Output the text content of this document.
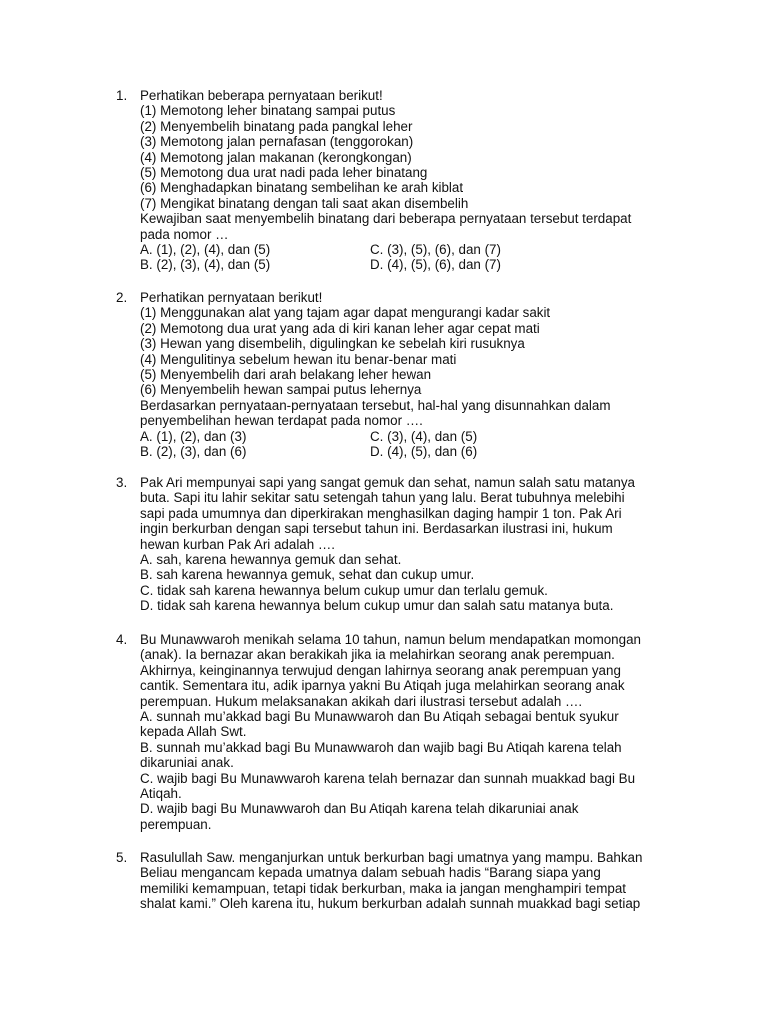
1. Perhatikan beberapa pernyataan berikut!
(1) Memotong leher binatang sampai putus
(2) Menyembelih binatang pada pangkal leher
(3) Memotong jalan pernafasan (tenggorokan)
(4) Memotong jalan makanan (kerongkongan)
(5) Memotong dua urat nadi pada leher binatang
(6) Menghadapkan binatang sembelihan ke arah kiblat
(7) Mengikat binatang dengan tali saat akan disembelih
Kewajiban saat menyembelih binatang dari beberapa pernyataan tersebut terdapat
pada nomor …
A. (1), (2), (4), dan (5)	C. (3), (5), (6), dan (7)
B. (2), (3), (4), dan (5)	D. (4), (5), (6), dan (7)
2. Perhatikan pernyataan berikut!
(1) Menggunakan alat yang tajam agar dapat mengurangi kadar sakit
(2) Memotong dua urat yang ada di kiri kanan leher agar cepat mati
(3) Hewan yang disembelih, digulingkan ke sebelah kiri rusuknya
(4) Mengulitinya sebelum hewan itu benar-benar mati
(5) Menyembelih dari arah belakang leher hewan
(6) Menyembelih hewan sampai putus lehernya
Berdasarkan pernyataan-pernyataan tersebut, hal-hal yang disunnahkan dalam
penyembelihan hewan terdapat pada nomor ….
A. (1), (2), dan (3)	C. (3), (4), dan (5)
B. (2), (3), dan (6)	D. (4), (5), dan (6)
3. Pak Ari mempunyai sapi yang sangat gemuk dan sehat, namun salah satu matanya
buta. Sapi itu lahir sekitar satu setengah tahun yang lalu. Berat tubuhnya melebihi
sapi pada umumnya dan diperkirakan menghasilkan daging hampir 1 ton. Pak Ari
ingin berkurban dengan sapi tersebut tahun ini. Berdasarkan ilustrasi ini, hukum
hewan kurban Pak Ari adalah ….
A. sah, karena hewannya gemuk dan sehat.
B. sah karena hewannya gemuk, sehat dan cukup umur.
C. tidak sah karena hewannya belum cukup umur dan terlalu gemuk.
D. tidak sah karena hewannya belum cukup umur dan salah satu matanya buta.
4. Bu Munawwaroh menikah selama 10 tahun, namun belum mendapatkan momongan
(anak). Ia bernazar akan berakikah jika ia melahirkan seorang anak perempuan.
Akhirnya, keinginannya terwujud dengan lahirnya seorang anak perempuan yang
cantik. Sementara itu, adik iparnya yakni Bu Atiqah juga melahirkan seorang anak
perempuan. Hukum melaksanakan akikah dari ilustrasi tersebut adalah ….
A. sunnah mu’akkad bagi Bu Munawwaroh dan Bu Atiqah sebagai bentuk syukur
kepada Allah Swt.
B. sunnah mu’akkad bagi Bu Munawwaroh dan wajib bagi Bu Atiqah karena telah
dikaruniai anak.
C. wajib bagi Bu Munawwaroh karena telah bernazar dan sunnah muakkad bagi Bu
Atiqah.
D. wajib bagi Bu Munawwaroh dan Bu Atiqah karena telah dikaruniai anak
perempuan.
5. Rasulullah Saw. menganjurkan untuk berkurban bagi umatnya yang mampu. Bahkan
Beliau mengancam kepada umatnya dalam sebuah hadis “Barang siapa yang
memiliki kemampuan, tetapi tidak berkurban, maka ia jangan menghampiri tempat
shalat kami.” Oleh karena itu, hukum berkurban adalah sunnah muakkad bagi setiap
